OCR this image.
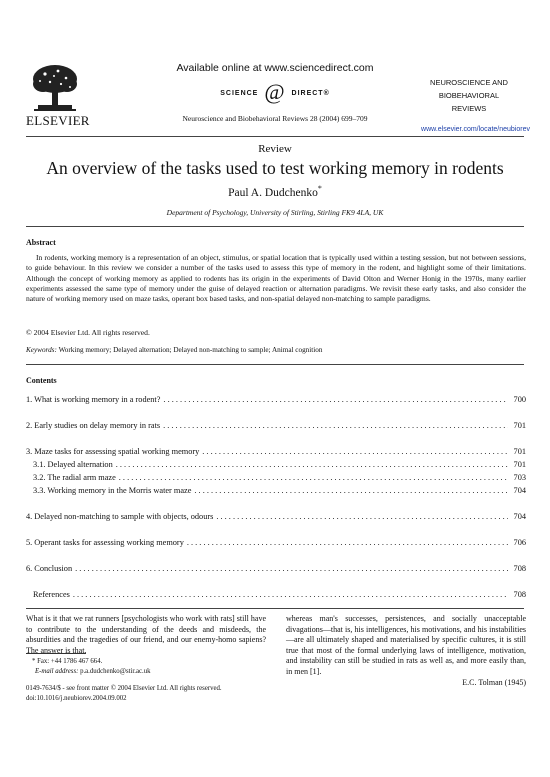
ELSEVIER
Available online at www.sciencedirect.com
SCIENCE @ DIRECT®
Neuroscience and Biobehavioral Reviews 28 (2004) 699–709
NEUROSCIENCE AND
BIOBEHAVIORAL
REVIEWS
www.elsevier.com/locate/neubiorev
Review
An overview of the tasks used to test working memory in rodents
Paul A. Dudchenko*
Department of Psychology, University of Stirling, Stirling FK9 4LA, UK
Abstract

In rodents, working memory is a representation of an object, stimulus, or spatial location that is typically used within a testing session, but not between sessions, to guide behaviour. In this review we consider a number of the tasks used to assess this type of memory in the rodent, and highlight some of their limitations. Although the concept of working memory as applied to rodents has its origin in the experiments of David Olton and Werner Honig in the 1970s, many earlier experiments assessed the same type of memory under the guise of delayed reaction or alternation paradigms. We revisit these early tasks, and also consider the nature of working memory used on maze tasks, operant box based tasks, and non-spatial delayed non-matching to sample paradigms.

© 2004 Elsevier Ltd. All rights reserved.
Keywords: Working memory; Delayed alternation; Delayed non-matching to sample; Animal cognition
Contents
1. What is working memory in a rodent? . . .	700
2. Early studies on delay memory in rats . . .	701
3. Maze tasks for assessing spatial working memory . . .	701
3.1. Delayed alternation . . .	701
3.2. The radial arm maze . . .	703
3.3. Working memory in the Morris water maze . . .	704
4. Delayed non-matching to sample with objects, odours . . .	704
5. Operant tasks for assessing working memory . . .	706
6. Conclusion . . .	708
References . . .	708
What is it that we rat runners [psychologists who work with rats] still have to contribute to the understanding of the deeds and misdeeds, the absurdities and the tragedies of our friend, and our enemy-homo sapiens? The answer is that,
whereas man's successes, persistences, and socially unacceptable divagations—that is, his intelligences, his motivations, and his instabilities—are all ultimately shaped and materialised by specific cultures, it is still true that most of the formal underlying laws of intelligence, motivation, and instability can still be studied in rats as well as, and more easily than, in men [1].
E.C. Tolman (1945)
* Fax: +44 1786 467 664.
E-mail address: p.a.dudchenko@stir.ac.uk
0149-7634/$ - see front matter © 2004 Elsevier Ltd. All rights reserved.
doi:10.1016/j.neubiorev.2004.09.002
